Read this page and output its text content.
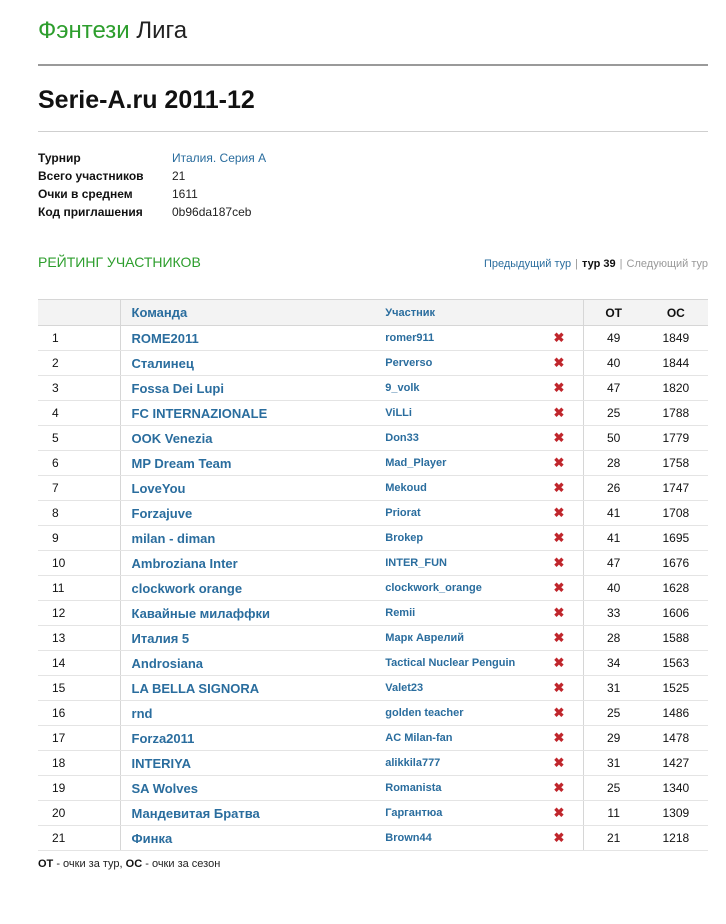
Фэнтези Лига
Serie-A.ru 2011-12
Турнир	Италия. Серия А
Всего участников 21
Очки в среднем	1611
Код приглашения 0b96da187ceb
РЕЙТИНГ УЧАСТНИКОВ	Предыдущий тур | тур 39 | Следующий тур
	Команда	Участник		ОТ	ОС
1	ROME2011	romer911	✖	49	1849
2	Сталинец	Perverso	✖	40	1844
3	Fossa Dei Lupi	9_volk	✖	47	1820
4	FC INTERNAZIONALE	ViLLi	✖	25	1788
5	OOK Venezia	Don33	✖	50	1779
6	MP Dream Team	Mad_Player	✖	28	1758
7	LoveYou	Mekoud	✖	26	1747
8	Forzajuve	Priorat	✖	41	1708
9	milan - diman	Brokep	✖	41	1695
10	Ambroziana Inter	INTER_FUN	✖	47	1676
11	clockwork orange	clockwork_orange	✖	40	1628
12	Кавайные милаффки	Remii	✖	33	1606
13	Италия 5	Марк Аврелий	✖	28	1588
14	Androsiana	Tactical Nuclear Penguin	✖	34	1563
15	LA BELLA SIGNORA	Valet23	✖	31	1525
16	rnd	golden teacher	✖	25	1486
17	Forza2011	AC Milan-fan	✖	29	1478
18	INTERIYA	alikkila777	✖	31	1427
19	SA Wolves	Romanista	✖	25	1340
20	Мандевитая Братва	Гаргантюа	✖	11	1309
21	Финка	Brown44	✖	21	1218
ОТ - очки за тур, ОС - очки за сезон
